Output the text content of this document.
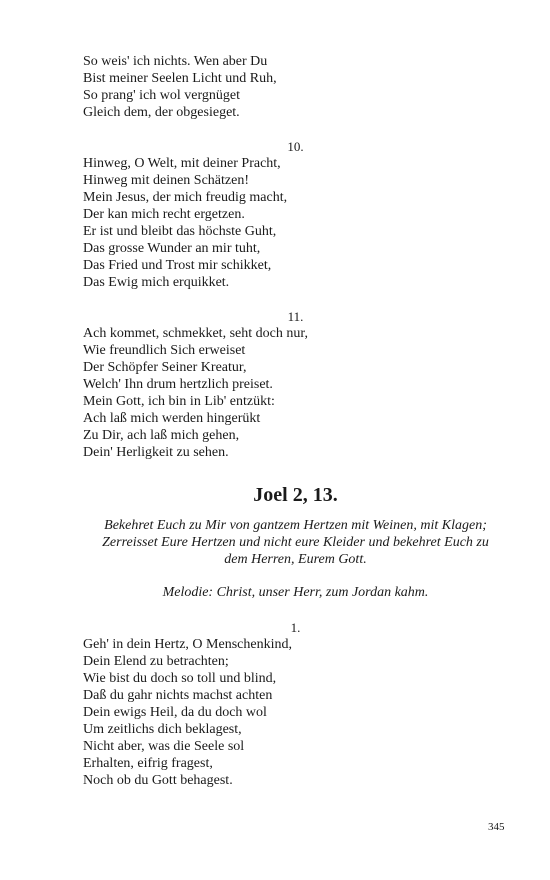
So weis' ich nichts. Wen aber Du
Bist meiner Seelen Licht und Ruh,
So prang' ich wol vergnüget
Gleich dem, der obgesieget.
10.
Hinweg, O Welt, mit deiner Pracht,
Hinweg mit deinen Schätzen!
Mein Jesus, der mich freudig macht,
Der kan mich recht ergetzen.
Er ist und bleibt das höchste Guht,
Das grosse Wunder an mir tuht,
Das Fried und Trost mir schikket,
Das Ewig mich erquikket.
11.
Ach kommet, schmekket, seht doch nur,
Wie freundlich Sich erweiset
Der Schöpfer Seiner Kreatur,
Welch' Ihn drum hertzlich preiset.
Mein Gott, ich bin in Lib' entzükt:
Ach laß mich werden hingerükt
Zu Dir, ach laß mich gehen,
Dein' Herligkeit zu sehen.
Joel 2, 13.
Bekehret Euch zu Mir von gantzem Hertzen mit Weinen, mit Klagen;
Zerreisset Eure Hertzen und nicht eure Kleider und bekehret Euch zu
dem Herren, Eurem Gott.
Melodie: Christ, unser Herr, zum Jordan kahm.
1.
Geh' in dein Hertz, O Menschenkind,
Dein Elend zu betrachten;
Wie bist du doch so toll und blind,
Daß du gahr nichts machst achten
Dein ewigs Heil, da du doch wol
Um zeitlichs dich beklagest,
Nicht aber, was die Seele sol
Erhalten, eifrig fragest,
Noch ob du Gott behagest.
345
